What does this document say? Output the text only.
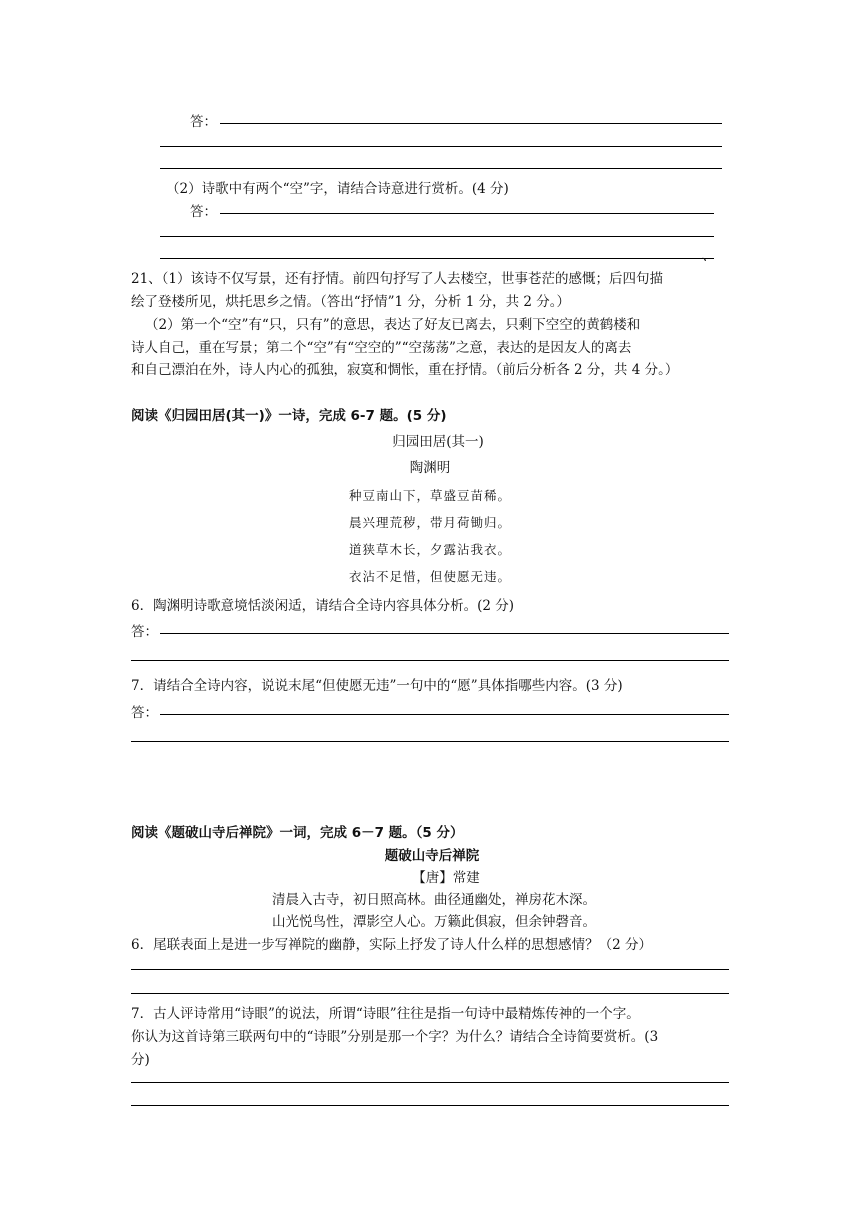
答：
（2）诗歌中有两个“空”字，请结合诗意进行赏析。(4 分)
答：
、
21、（1）该诗不仅写景，还有抒情。前四句抒写了人去楼空，世事苍茫的感慨；后四句描
绘了登楼所见，烘托思乡之情。（答出“抒情”1 分，分析 1 分，共 2 分。）
（2）第一个“空”有“只，只有”的意思，表达了好友已离去，只剩下空空的黄鹤楼和
诗人自己，重在写景；第二个“空”有“空空的”“空荡荡”之意，表达的是因友人的离去
和自己漂泊在外，诗人内心的孤独，寂寞和惆怅，重在抒情。（前后分析各 2 分，共 4 分。）
阅读《归园田居(其一)》一诗，完成 6-7 题。(5 分)
归园田居(其一)
陶渊明
种豆南山下，草盛豆苗稀。
晨兴理荒秽，带月荷锄归。
道狭草木长，夕露沾我衣。
衣沾不足惜，但使愿无违。
6．陶渊明诗歌意境恬淡闲适，请结合全诗内容具体分析。(2 分)
答：
7．请结合全诗内容，说说末尾“但使愿无违”一句中的“愿”具体指哪些内容。(3 分)
答：
阅读《题破山寺后禅院》一词，完成 6－7 题。（5 分）
题破山寺后禅院
【唐】常建
清晨入古寺，初日照高林。曲径通幽处，禅房花木深。
山光悦鸟性，潭影空人心。万籁此俱寂，但余钟磬音。
6．尾联表面上是进一步写禅院的幽静，实际上抒发了诗人什么样的思想感情？（2 分）
7．古人评诗常用“诗眼”的说法，所谓“诗眼”往往是指一句诗中最精炼传神的一个字。
你认为这首诗第三联两句中的“诗眼”分别是那一个字？为什么？请结合全诗简要赏析。(3
分)
